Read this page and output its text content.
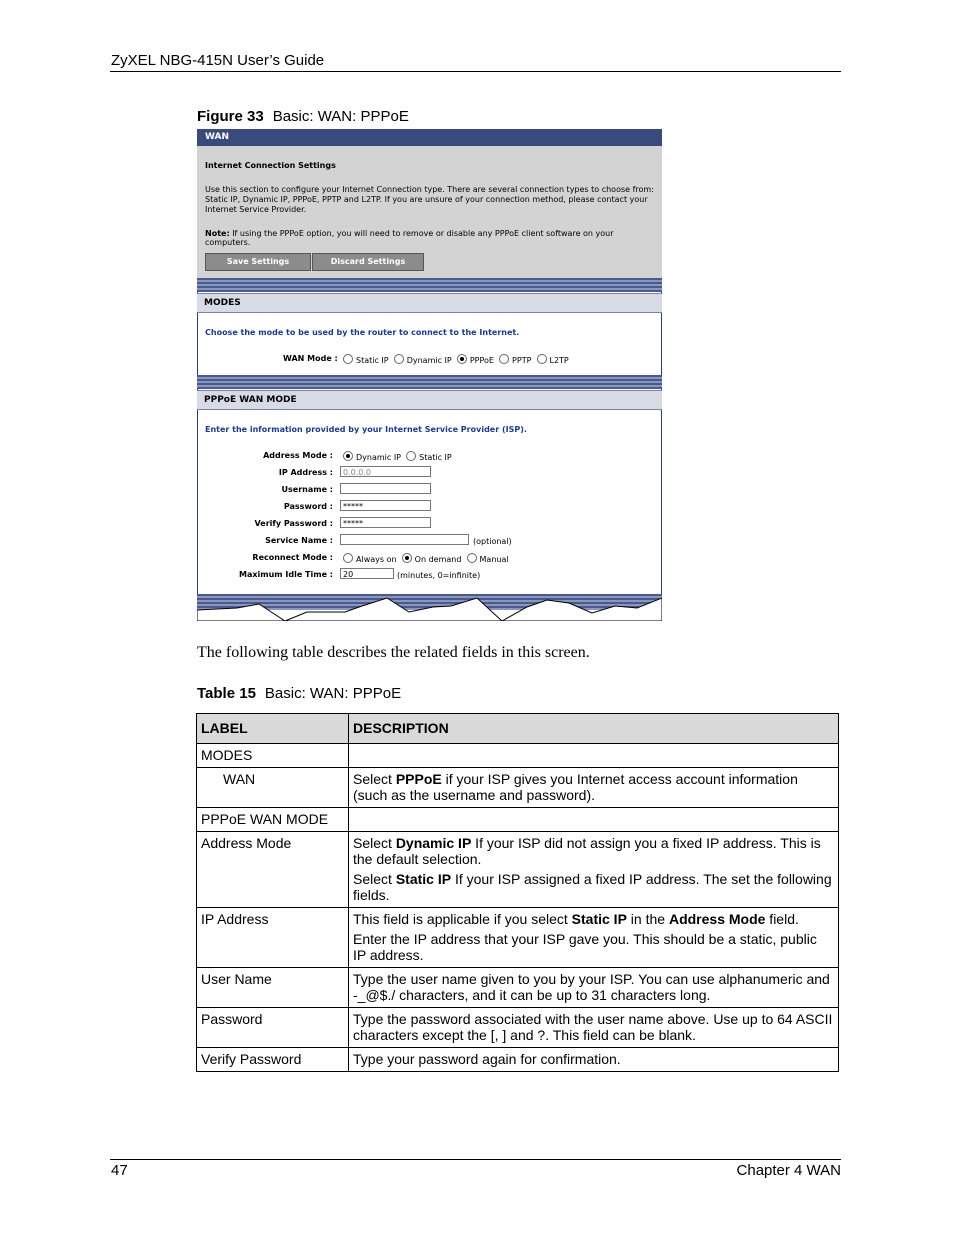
ZyXEL NBG-415N User’s Guide
Figure 33 Basic: WAN: PPPoE
WAN
Internet Connection Settings
Use this section to configure your Internet Connection type. There are several connection types to choose from: Static IP, Dynamic IP, PPPoE, PPTP and L2TP. If you are unsure of your connection method, please contact your Internet Service Provider.
Note: If using the PPPoE option, you will need to remove or disable any PPPoE client software on your computers.
Save Settings	Discard Settings
MODES
Choose the mode to be used by the router to connect to the Internet.
WAN Mode :	Static IP Dynamic IP PPPoE PPTP L2TP
PPPoE WAN MODE
Enter the information provided by your Internet Service Provider (ISP).
Address Mode :	Dynamic IP Static IP
IP Address :	0.0.0.0
Username :
Password :	*****
Verify Password :	*****
Service Name :	(optional)
Reconnect Mode :	Always on On demand Manual
Maximum Idle Time :	20	(minutes, 0=infinite)
The following table describes the related fields in this screen.
Table 15 Basic: WAN: PPPoE
LABEL	DESCRIPTION
MODES	
WAN	Select PPPoE if your ISP gives you Internet access account information (such as the username and password).
PPPoE WAN MODE	
Address Mode	Select Dynamic IP If your ISP did not assign you a fixed IP address. This is the default selection.

Select Static IP If your ISP assigned a fixed IP address. The set the following fields.

IP Address	This field is applicable if you select Static IP in the Address Mode field.

Enter the IP address that your ISP gave you. This should be a static, public IP address.

User Name	Type the user name given to you by your ISP. You can use alphanumeric and -_@$./ characters, and it can be up to 31 characters long.
Password	Type the password associated with the user name above. Use up to 64 ASCII characters except the [, ] and ?. This field can be blank.
Verify Password	Type your password again for confirmation.
47	Chapter 4 WAN
